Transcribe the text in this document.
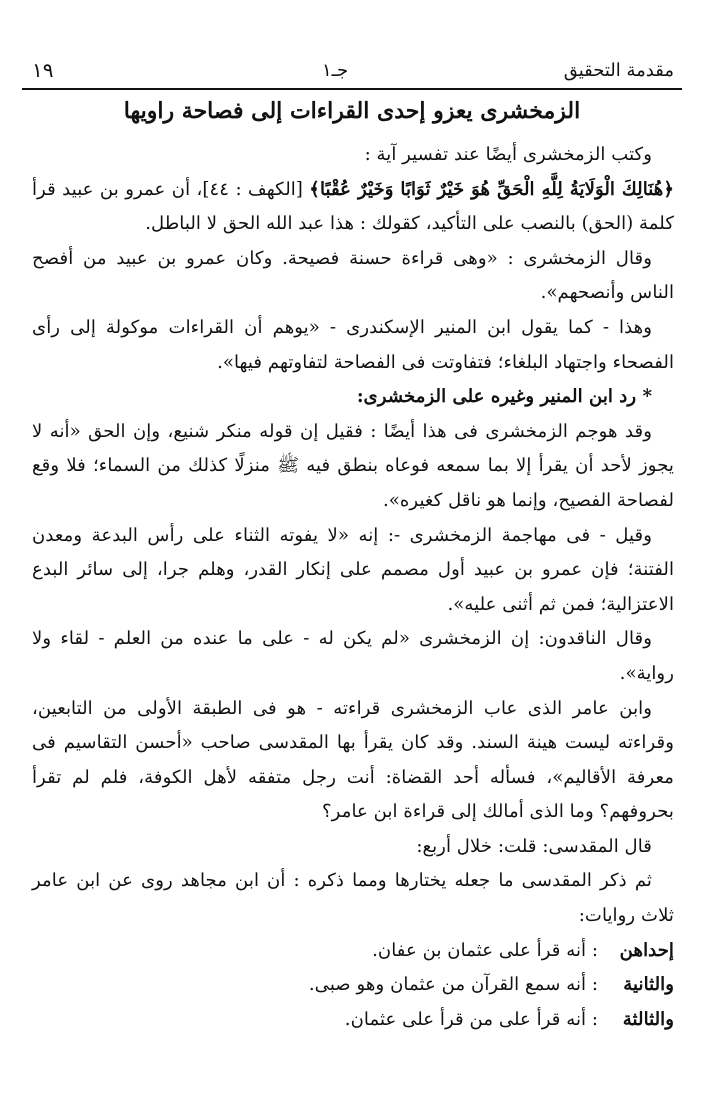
مقدمة التحقيق
جـ١
١٩
الزمخشرى يعزو إحدى القراءات إلى فصاحة راويها

وكتب الزمخشرى أيضًا عند تفسير آية :

﴿هُنَالِكَ الْوَلَايَةُ لِلَّهِ الْحَقِّ هُوَ خَيْرٌ ثَوَابًا وَخَيْرٌ عُقْبًا﴾ [الكهف : ٤٤]، أن عمرو بن عبيد قرأ كلمة (الحق) بالنصب على التأكيد، كقولك : هذا عبد الله الحق لا الباطل.

وقال الزمخشرى : «وهى قراءة حسنة فصيحة. وكان عمرو بن عبيد من أفصح الناس وأنصحهم».

وهذا - كما يقول ابن المنير الإسكندرى - «يوهم أن القراءات موكولة إلى رأى الفصحاء واجتهاد البلغاء؛ فتفاوتت فى الفصاحة لتفاوتهم فيها».

* رد ابن المنير وغيره على الزمخشرى:

وقد هوجم الزمخشرى فى هذا أيضًا : فقيل إن قوله منكر شنيع، وإن الحق «أنه لا يجوز لأحد أن يقرأ إلا بما سمعه فوعاه بنطق فيه ﷺ منزلًا كذلك من السماء؛ فلا وقع لفصاحة الفصيح، وإنما هو ناقل كغيره».

وقيل - فى مهاجمة الزمخشرى -: إنه «لا يفوته الثناء على رأس البدعة ومعدن الفتنة؛ فإن عمرو بن عبيد أول مصمم على إنكار القدر، وهلم جرا، إلى سائر البدع الاعتزالية؛ فمن ثم أثنى عليه».

وقال الناقدون: إن الزمخشرى «لم يكن له - على ما عنده من العلم - لقاء ولا رواية».

وابن عامر الذى عاب الزمخشرى قراءته - هو فى الطبقة الأولى من التابعين، وقراءته ليست هينة السند. وقد كان يقرأ بها المقدسى صاحب «أحسن التقاسيم فى معرفة الأقاليم»، فسأله أحد القضاة: أنت رجل متفقه لأهل الكوفة، فلم لم تقرأ بحروفهم؟ وما الذى أمالك إلى قراءة ابن عامر؟

قال المقدسى: قلت: خلال أربع:

ثم ذكر المقدسى ما جعله يختارها ومما ذكره : أن ابن مجاهد روى عن ابن عامر ثلاث روايات:

إحداهن: أنه قرأ على عثمان بن عفان.

والثانية: أنه سمع القرآن من عثمان وهو صبى.

والثالثة: أنه قرأ على من قرأ على عثمان.
